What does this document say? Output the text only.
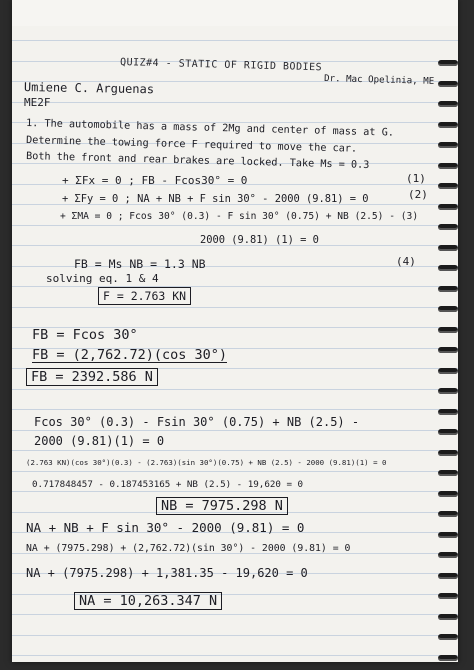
QUIZ#4 - STATIC OF RIGID BODIES
Umiene C. Arguenas
Dr. Mac Opelinia, ME
ME2F
1. The automobile has a mass of 2Mg and center of mass at G.
Determine the towing force F required to move the car.
Both the front and rear brakes are locked. Take Ms = 0.3
+ ΣFx = 0 ; FB - Fcos30° = 0	(1)
+ ΣFy = 0 ; NA + NB + F sin 30° - 2000 (9.81) = 0	(2)
+ ΣMA = 0 ; Fcos 30° (0.3) - F sin 30° (0.75) + NB (2.5) - (3)
2000 (9.81) (1) = 0
FB = Ms NB = 1.3 NB	(4)
solving eq. 1 & 4
F = 2.763 KN
FB = Fcos 30°
FB = (2,762.72)(cos 30°)
FB = 2392.586 N
Fcos 30° (0.3) - Fsin 30° (0.75) + NB (2.5) -
2000 (9.81)(1) = 0
(2.763 KN)(cos 30°)(0.3) - (2.763)(sin 30°)(0.75) + NB (2.5) - 2000 (9.81)(1) = 0
0.717848457 - 0.187453165 + NB (2.5) - 19,620 = 0
NB = 7975.298 N
NA + NB + F sin 30° - 2000 (9.81) = 0
NA + (7975.298) + (2,762.72)(sin 30°) - 2000 (9.81) = 0
NA + (7975.298) + 1,381.35 - 19,620 = 0
NA = 10,263.347 N
